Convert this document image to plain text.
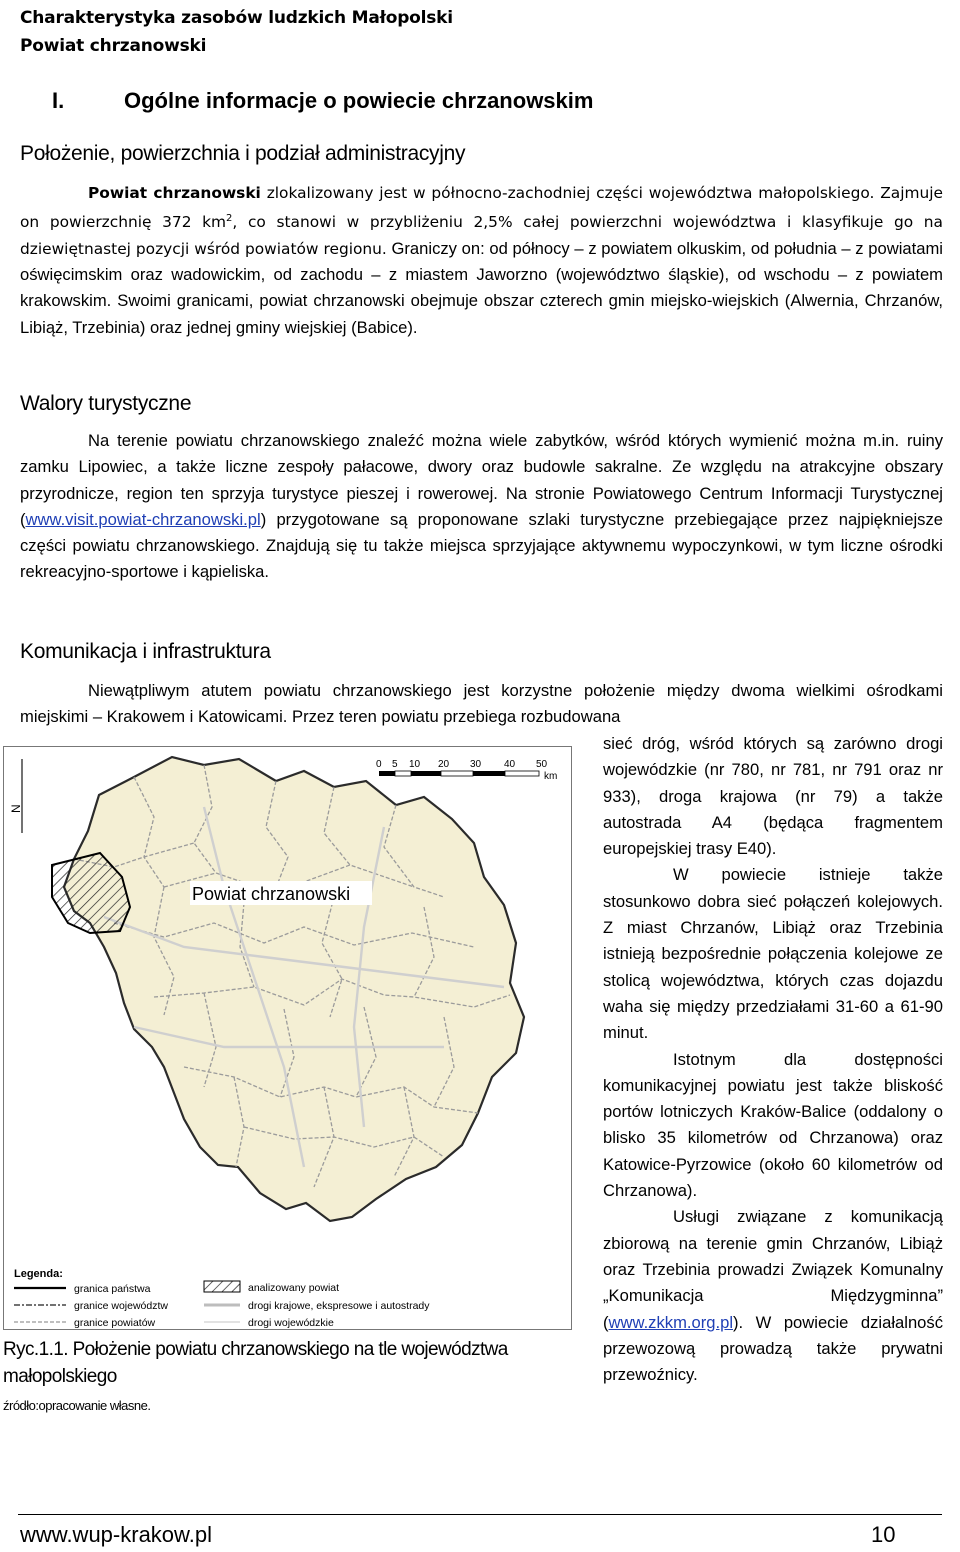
Charakterystyka zasobów ludzkich Małopolski
Powiat chrzanowski
I.	Ogólne informacje o powiecie chrzanowskim
Położenie, powierzchnia i podział administracyjny
Powiat chrzanowski zlokalizowany jest w północno-zachodniej części województwa małopolskiego. Zajmuje on powierzchnię 372 $km^2$, co stanowi w przybliżeniu 2,5% całej powierzchni województwa i klasyfikuje go na dziewiętnastej pozycji wśród powiatów regionu. Graniczy on: od północy – z powiatem olkuskim, od południa – z powiatami oświęcimskim oraz wadowickim, od zachodu – z miastem Jaworzno (województwo śląskie), od wschodu – z powiatem krakowskim. Swoimi granicami, powiat chrzanowski obejmuje obszar czterech gmin miejsko-wiejskich (Alwernia, Chrzanów, Libiąż, Trzebinia) oraz jednej gminy wiejskiej (Babice).
Walory turystyczne
Na terenie powiatu chrzanowskiego znaleźć można wiele zabytków, wśród których wymienić można m.in. ruiny zamku Lipowiec, a także liczne zespoły pałacowe, dwory oraz budowle sakralne. Ze względu na atrakcyjne obszary przyrodnicze, region ten sprzyja turystyce pieszej i rowerowej. Na stronie Powiatowego Centrum Informacji Turystycznej (www.visit.powiat-chrzanowski.pl) przygotowane są proponowane szlaki turystyczne przebiegające przez najpiękniejsze części powiatu chrzanowskiego. Znajdują się tu także miejsca sprzyjające aktywnemu wypoczynkowi, w tym liczne ośrodki rekreacyjno-sportowe i kąpieliska.
Komunikacja i infrastruktura
Niewątpliwym atutem powiatu chrzanowskiego jest korzystne położenie między dwoma wielkimi ośrodkami miejskimi – Krakowem i Katowicami. Przez teren powiatu przebiega rozbudowana

sieć dróg, wśród których są zarówno drogi wojewódzkie (nr 780, nr 781, nr 791 oraz nr 933), droga krajowa (nr 79) a także autostrada A4 (będąca fragmentem europejskiej trasy E40).

W powiecie istnieje także stosunkowo dobra sieć połączeń kolejowych. Z miast Chrzanów, Libiąż oraz Trzebinia istnieją bezpośrednie połączenia kolejowe ze stolicą województwa, których czas dojazdu waha się między przedziałami 31-60 a 61-90 minut.

Istotnym dla dostępności komunikacyjnej powiatu jest także bliskość portów lotniczych Kraków-Balice (oddalony o blisko 35 kilometrów od Chrzanowa) oraz Katowice-Pyrzowice (około 60 kilometrów od Chrzanowa).

Usługi związane z komunikacją zbiorową na terenie gmin Chrzanów, Libiąż oraz Trzebinia prowadzi Związek Komunalny „Komunikacja Międzygminna” (www.zkkm.org.pl). W powiecie działalność przewozową prowadzą także prywatni przewoźnicy.

Powiat chrzanowski
N
0 5 10 20 30 40 50
km
Legenda:
granica państwa
granice województw
granice powiatów
analizowany powiat
drogi krajowe, ekspresowe i autostrady
drogi wojewódzkie
Ryc.1.1. Położenie powiatu chrzanowskiego na tle województwa małopolskiego
źródło:opracowanie własne.
www.wup-krakow.pl	10
